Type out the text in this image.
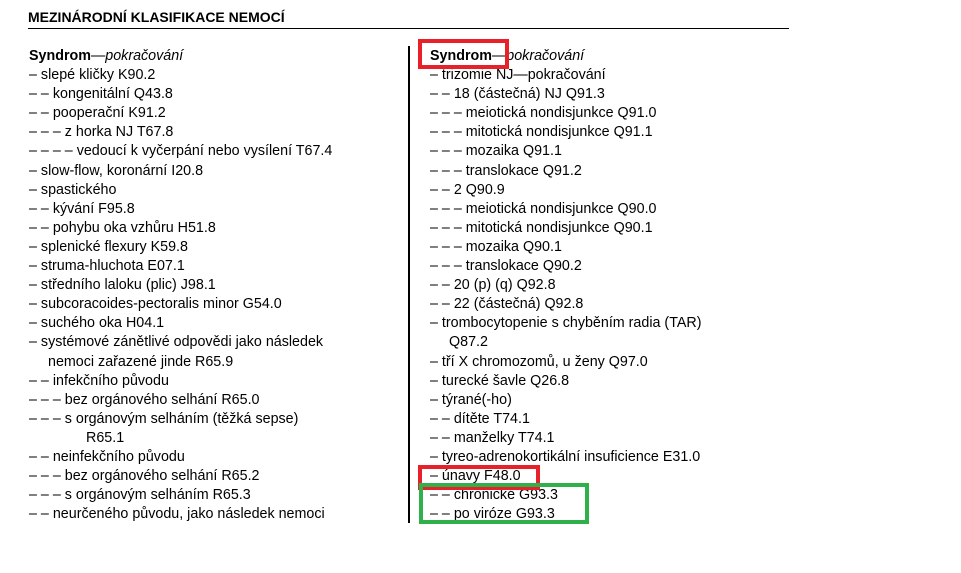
MEZINÁRODNÍ KLASIFIKACE NEMOCÍ
Syndrom—pokračování
– slepé kličky K90.2
– – kongenitální Q43.8
– – pooperační K91.2
– – – z horka NJ T67.8
– – – – vedoucí k vyčerpání nebo vysílení T67.4
– slow-flow, koronární I20.8
– spastického
– – kývání F95.8
– – pohybu oka vzhůru H51.8
– splenické flexury K59.8
– struma-hluchota E07.1
– středního laloku (plic) J98.1
– subcoracoides-pectoralis minor G54.0
– suchého oka H04.1
– systémové zánětlivé odpovědi jako následek
nemoci zařazené jinde R65.9
– – infekčního původu
– – – bez orgánového selhání R65.0
– – – s orgánovým selháním (těžká sepse)
R65.1
– – neinfekčního původu
– – – bez orgánového selhání R65.2
– – – s orgánovým selháním R65.3
– – neurčeného původu, jako následek nemoci
Syndrom—pokračování
– trizomie NJ—pokračování
– – 18 (částečná) NJ Q91.3
– – – meiotická nondisjunkce Q91.0
– – – mitotická nondisjunkce Q91.1
– – – mozaika Q91.1
– – – translokace Q91.2
– – 2 Q90.9
– – – meiotická nondisjunkce Q90.0
– – – mitotická nondisjunkce Q90.1
– – – mozaika Q90.1
– – – translokace Q90.2
– – 20 (p) (q) Q92.8
– – 22 (částečná) Q92.8
– trombocytopenie s chyběním radia (TAR)
Q87.2
– tří X chromozomů, u ženy Q97.0
– turecké šavle Q26.8
– týrané(-ho)
– – dítěte T74.1
– – manželky T74.1
– tyreo-adrenokortikální insuficience E31.0
– únavy F48.0
– – chronické G93.3
– – po viróze G93.3
